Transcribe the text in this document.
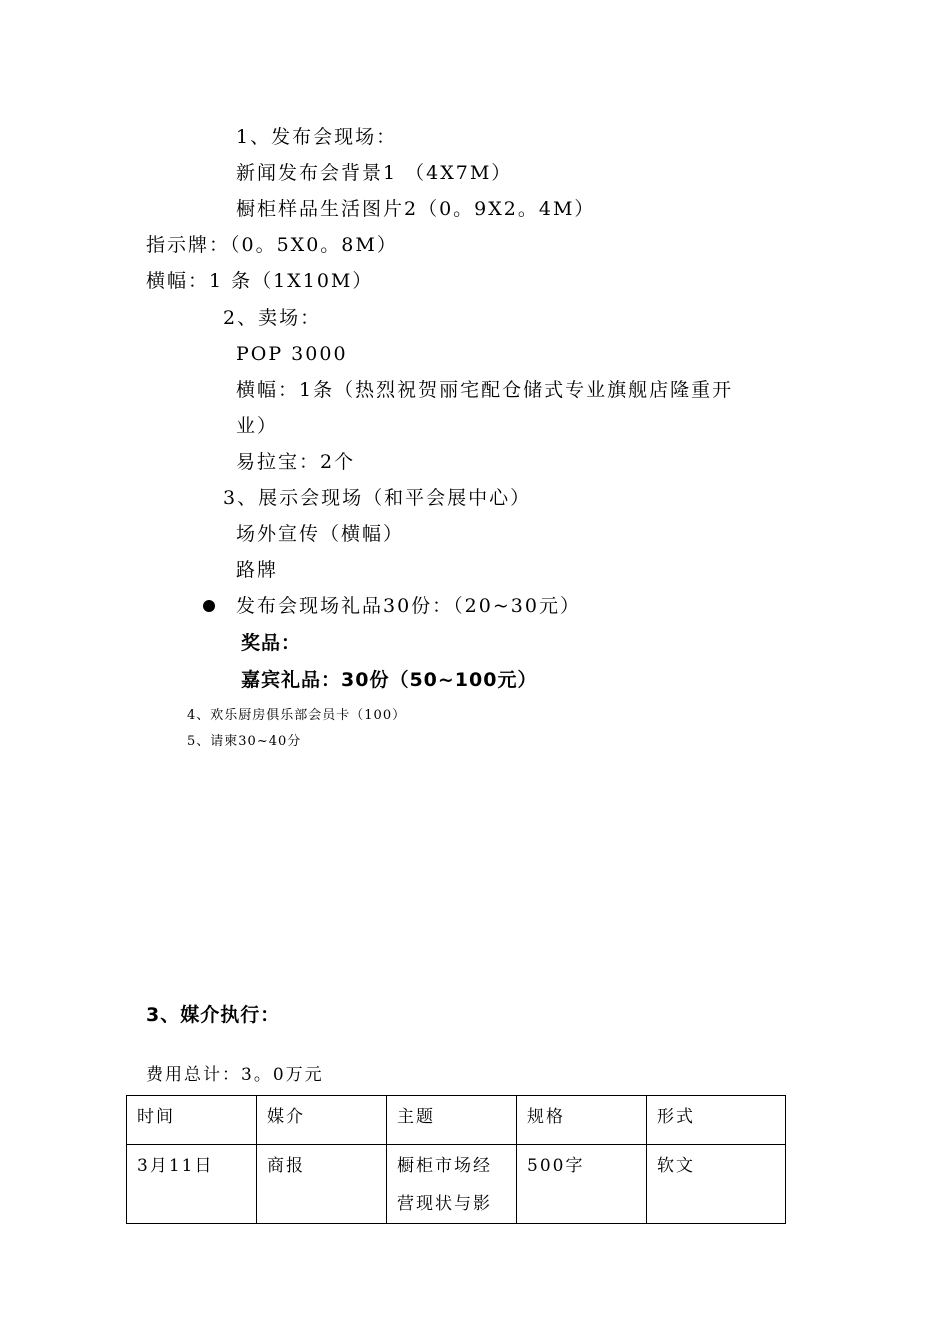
1、发布会现场：
新闻发布会背景1 （4X7M）
橱柜样品生活图片2（0。9X2。4M）
指示牌：（0。5X0。8M）
横幅：1 条（1X10M）
2、卖场：
POP 3000
横幅：1条（热烈祝贺丽宅配仓储式专业旗舰店隆重开
业）
易拉宝：2个
3、展示会现场（和平会展中心）
场外宣传（横幅）
路牌
发布会现场礼品30份：（20~30元）
奖品：
嘉宾礼品：30份（50~100元）
4、欢乐厨房俱乐部会员卡（100）
5、请柬30~40分
3、媒介执行：
费用总计：3。0万元
时间	媒介	主题	规格	形式
3月11日	商报	橱柜市场经营现状与影	500字	软文
